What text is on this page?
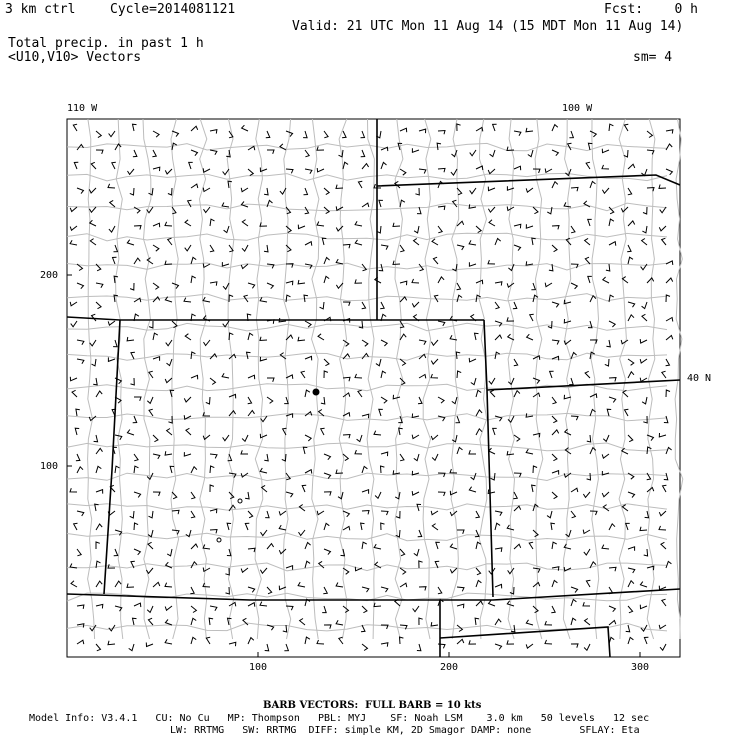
3 km ctrl	Cycle=2014081121	Fcst:    0 h
Valid: 21 UTC Mon 11 Aug 14 (15 MDT Mon 11 Aug 14)
Total precip. in past 1 h
<U10,V10> Vectors	sm= 4
110 W	100 W
40 N
100	200	300
200
100
BARB VECTORS:  FULL BARB = 10 kts
Model Info: V3.4.1   CU: No Cu   MP: Thompson   PBL: MYJ    SF: Noah LSM    3.0 km   50 levels   12 sec
LW: RRTMG   SW: RRTMG  DIFF: simple KM, 2D Smagor DAMP: none        SFLAY: Eta
